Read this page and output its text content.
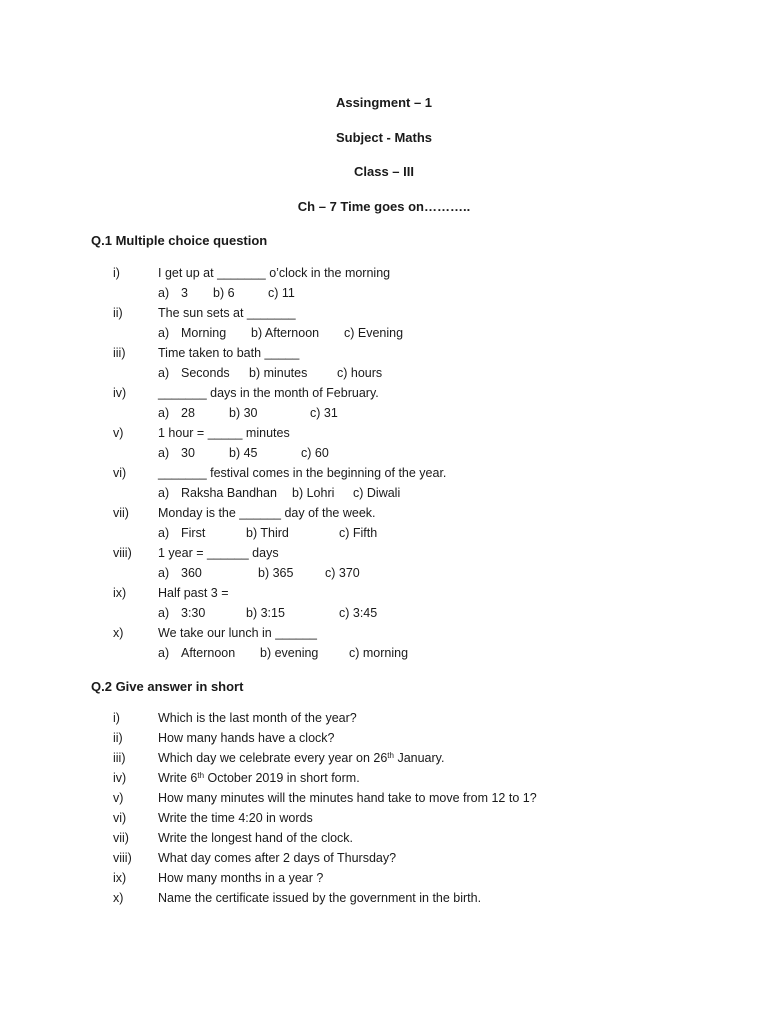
Assingment – 1
Subject - Maths
Class – III
Ch – 7 Time goes on………..
Q.1 Multiple choice question
i)	I get up at _______ o’clock in the morning
a) 3 b) 6	c) 11
ii)	The sun sets at _______
a) Morning b) Afternoon c) Evening
iii)	Time taken to bath _____
a) Seconds b) minutes c) hours
iv)	_______ days in the month of February.
a) 28	b) 30	c) 31
v)	1 hour = _____ minutes
a) 30	b) 45	c) 60
vi)	_______ festival comes in the beginning of the year.
a) Raksha Bandhan b) Lohri c) Diwali
vii) Monday is the ______ day of the week.
a) First	b) Third	c) Fifth
viii) 1 year = ______ days
a) 360	b) 365	c) 370
ix)	Half past 3 =
a) 3:30	b) 3:15	c) 3:45
x)	We take our lunch in ______
a) Afternoon b) evening c) morning
Q.2 Give answer in short
i)	Which is the last month of the year?
ii)	How many hands have a clock?
iii)	Which day we celebrate every year on 26th January.
iv)	Write 6th October 2019 in short form.
v)	How many minutes will the minutes hand take to move from 12 to 1?
vi)	Write the time 4:20 in words
vii) Write the longest hand of the clock.
viii) What day comes after 2 days of Thursday?
ix)	How many months in a year ?
x)	Name the certificate issued by the government in the birth.
